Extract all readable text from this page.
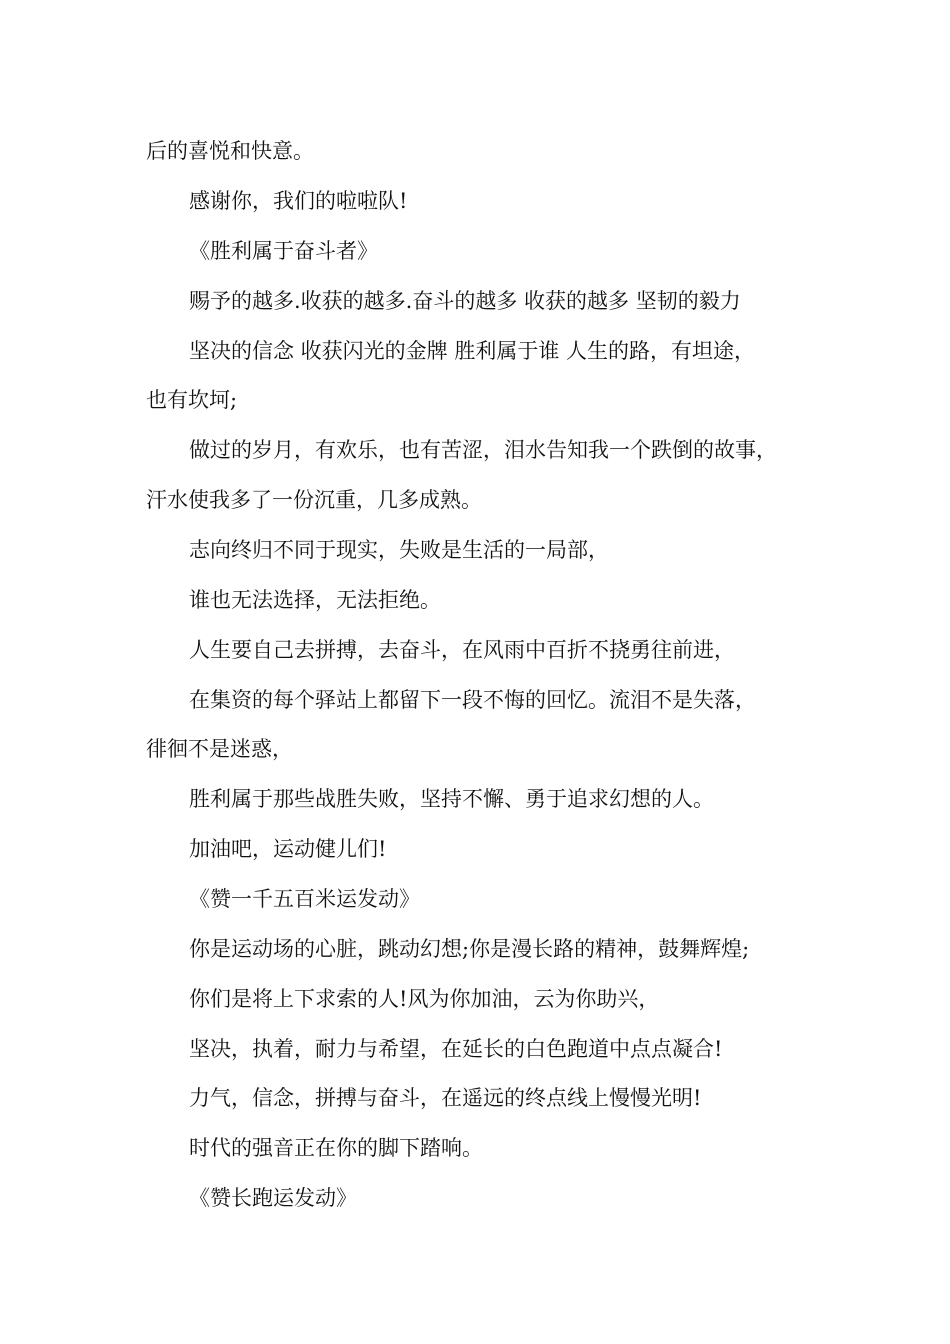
后的喜悦和快意。

感谢你，我们的啦啦队!

《胜利属于奋斗者》

赐予的越多.收获的越多.奋斗的越多 收获的越多 坚韧的毅力

坚决的信念 收获闪光的金牌 胜利属于谁 人生的路，有坦途，

也有坎坷;

做过的岁月，有欢乐，也有苦涩，泪水告知我一个跌倒的故事，

汗水使我多了一份沉重，几多成熟。

志向终归不同于现实，失败是生活的一局部，

谁也无法选择，无法拒绝。

人生要自己去拼搏，去奋斗，在风雨中百折不挠勇往前进，

在集资的每个驿站上都留下一段不悔的回忆。流泪不是失落，

徘徊不是迷惑，

胜利属于那些战胜失败，坚持不懈、勇于追求幻想的人。

加油吧，运动健儿们!

《赞一千五百米运发动》

你是运动场的心脏，跳动幻想;你是漫长路的精神，鼓舞辉煌;

你们是将上下求索的人!风为你加油，云为你助兴，

坚决，执着，耐力与希望，在延长的白色跑道中点点凝合!

力气，信念，拼搏与奋斗，在遥远的终点线上慢慢光明!

时代的强音正在你的脚下踏响。

《赞长跑运发动》
